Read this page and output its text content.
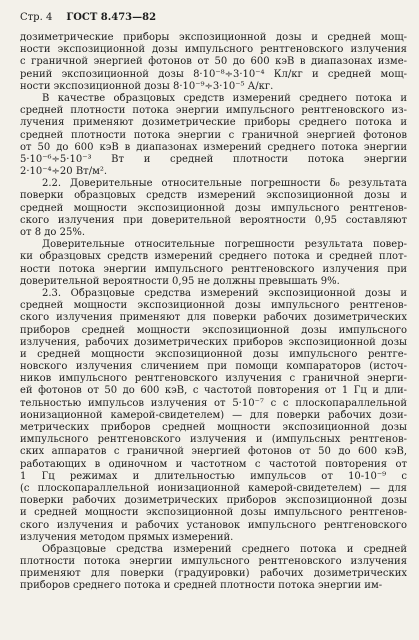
Стр. 4 ГОСТ 8.473—82
дозиметрические приборы экспозиционной дозы и средней мощ-
ности экспозиционной дозы импульсного рентгеновского излучения
с граничной энергией фотонов от 50 до 600 кэВ в диапазонах изме-
рений экспозиционной дозы 8·10⁻⁸÷3·10⁻⁴ Кл/кг и средней мощ-
ности экспозиционной дозы 8·10⁻⁹÷3·10⁻⁵ А/кг.
В качестве образцовых средств измерений среднего потока и
средней плотности потока энергии импульсного рентгеновского из-
лучения применяют дозиметрические приборы среднего потока и
средней плотности потока энергии с граничной энергией фотонов
от 50 до 600 кэВ в диапазонах измерений среднего потока энергии
5·10⁻⁶÷5·10⁻³ Вт и средней плотности потока энергии
2·10⁻⁴÷20 Вт/м².
2.2. Доверительные относительные погрешности δ₀ результата
поверки образцовых средств измерений экспозиционной дозы и
средней мощности экспозиционной дозы импульсного рентгенов-
ского излучения при доверительной вероятности 0,95 составляют
от 8 до 25%.
Доверительные относительные погрешности результата повер-
ки образцовых средств измерений среднего потока и средней плот-
ности потока энергии импульсного рентгеновского излучения при
доверительной вероятности 0,95 не должны превышать 9%.
2.3. Образцовые средства измерений экспозиционной дозы и
средней мощности экспозиционной дозы импульсного рентгенов-
ского излучения применяют для поверки рабочих дозиметрических
приборов средней мощности экспозиционной дозы импульсного
излучения, рабочих дозиметрических приборов экспозиционной дозы
и средней мощности экспозиционной дозы импульсного рентге-
новского излучения сличением при помощи компараторов (источ-
ников импульсного рентгеновского излучения с граничной энерги-
ей фотонов от 50 до 600 кэВ, с частотой повторения от 1 Гц и дли-
тельностью импульсов излучения от 5·10⁻⁷ с с плоскопараллельной
ионизационной камерой-свидетелем) — для поверки рабочих дози-
метрических приборов средней мощности экспозиционной дозы
импульсного рентгеновского излучения и (импульсных рентгенов-
ских аппаратов с граничной энергией фотонов от 50 до 600 кэВ,
работающих в одиночном и частотном с частотой повторения от
1 Гц режимах и длительностью импульсов от 10-10⁻⁹ с
(с плоскопараллельной ионизационной камерой-свидетелем) — для
поверки рабочих дозиметрических приборов экспозиционной дозы
и средней мощности экспозиционной дозы импульсного рентгенов-
ского излучения и рабочих установок импульсного рентгеновского
излучения методом прямых измерений.
Образцовые средства измерений среднего потока и средней
плотности потока энергии импульсного рентгеновского излучения
применяют для поверки (градуировки) рабочих дозиметрических
приборов среднего потока и средней плотности потока энергии им-
